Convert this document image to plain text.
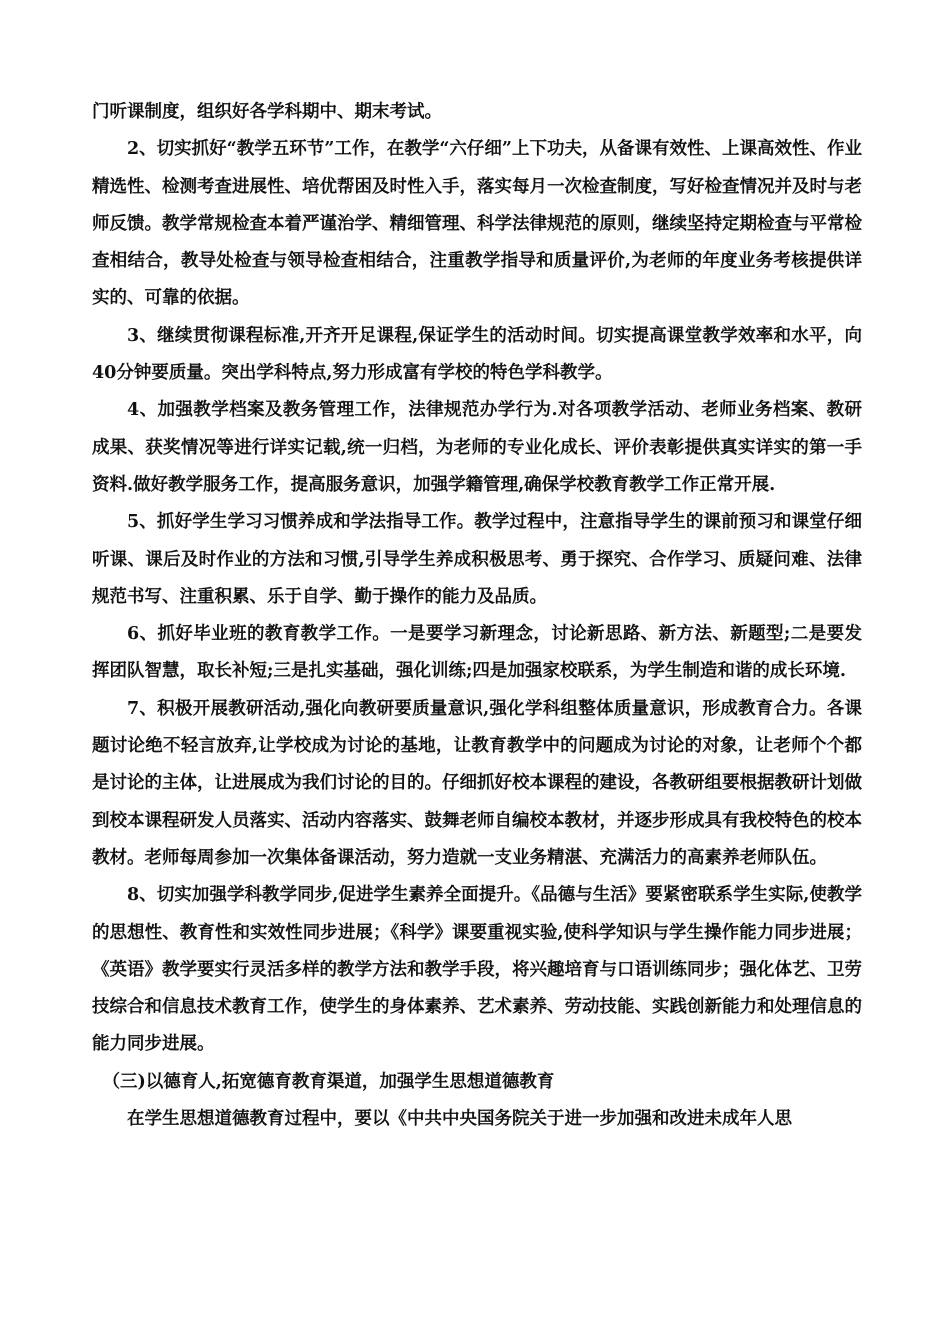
门听课制度，组织好各学科期中、期末考试。

2、切实抓好“教学五环节”工作，在教学“六仔细”上下功夫，从备课有效性、上课高效性、作业精选性、检测考查进展性、培优帮困及时性入手，落实每月一次检查制度，写好检查情况并及时与老师反馈。教学常规检查本着严谨治学、精细管理、科学法律规范的原则，继续坚持定期检查与平常检查相结合，教导处检查与领导检查相结合，注重教学指导和质量评价,为老师的年度业务考核提供详实的、可靠的依据。

3、继续贯彻课程标准,开齐开足课程,保证学生的活动时间。切实提高课堂教学效率和水平，向40分钟要质量。突出学科特点,努力形成富有学校的特色学科教学。

4、加强教学档案及教务管理工作，法律规范办学行为.对各项教学活动、老师业务档案、教研成果、获奖情况等进行详实记载,统一归档，为老师的专业化成长、评价表彰提供真实详实的第一手资料.做好教学服务工作，提高服务意识，加强学籍管理,确保学校教育教学工作正常开展.

5、抓好学生学习习惯养成和学法指导工作。教学过程中，注意指导学生的课前预习和课堂仔细听课、课后及时作业的方法和习惯,引导学生养成积极思考、勇于探究、合作学习、质疑问难、法律规范书写、注重积累、乐于自学、勤于操作的能力及品质。

6、抓好毕业班的教育教学工作。一是要学习新理念，讨论新思路、新方法、新题型;二是要发挥团队智慧，取长补短;三是扎实基础，强化训练;四是加强家校联系，为学生制造和谐的成长环境.

7、积极开展教研活动,强化向教研要质量意识,强化学科组整体质量意识，形成教育合力。各课题讨论绝不轻言放弃,让学校成为讨论的基地，让教育教学中的问题成为讨论的对象，让老师个个都是讨论的主体，让进展成为我们讨论的目的。仔细抓好校本课程的建设，各教研组要根据教研计划做到校本课程研发人员落实、活动内容落实、鼓舞老师自编校本教材，并逐步形成具有我校特色的校本教材。老师每周参加一次集体备课活动，努力造就一支业务精湛、充满活力的高素养老师队伍。

8、切实加强学科教学同步,促进学生素养全面提升。《品德与生活》要紧密联系学生实际,使教学的思想性、教育性和实效性同步进展；《科学》课要重视实验,使科学知识与学生操作能力同步进展；《英语》教学要实行灵活多样的教学方法和教学手段，将兴趣培育与口语训练同步；强化体艺、卫劳技综合和信息技术教育工作，使学生的身体素养、艺术素养、劳动技能、实践创新能力和处理信息的能力同步进展。

（三)以德育人,拓宽德育教育渠道，加强学生思想道德教育

在学生思想道德教育过程中，要以《中共中央国务院关于进一步加强和改进未成年人思
